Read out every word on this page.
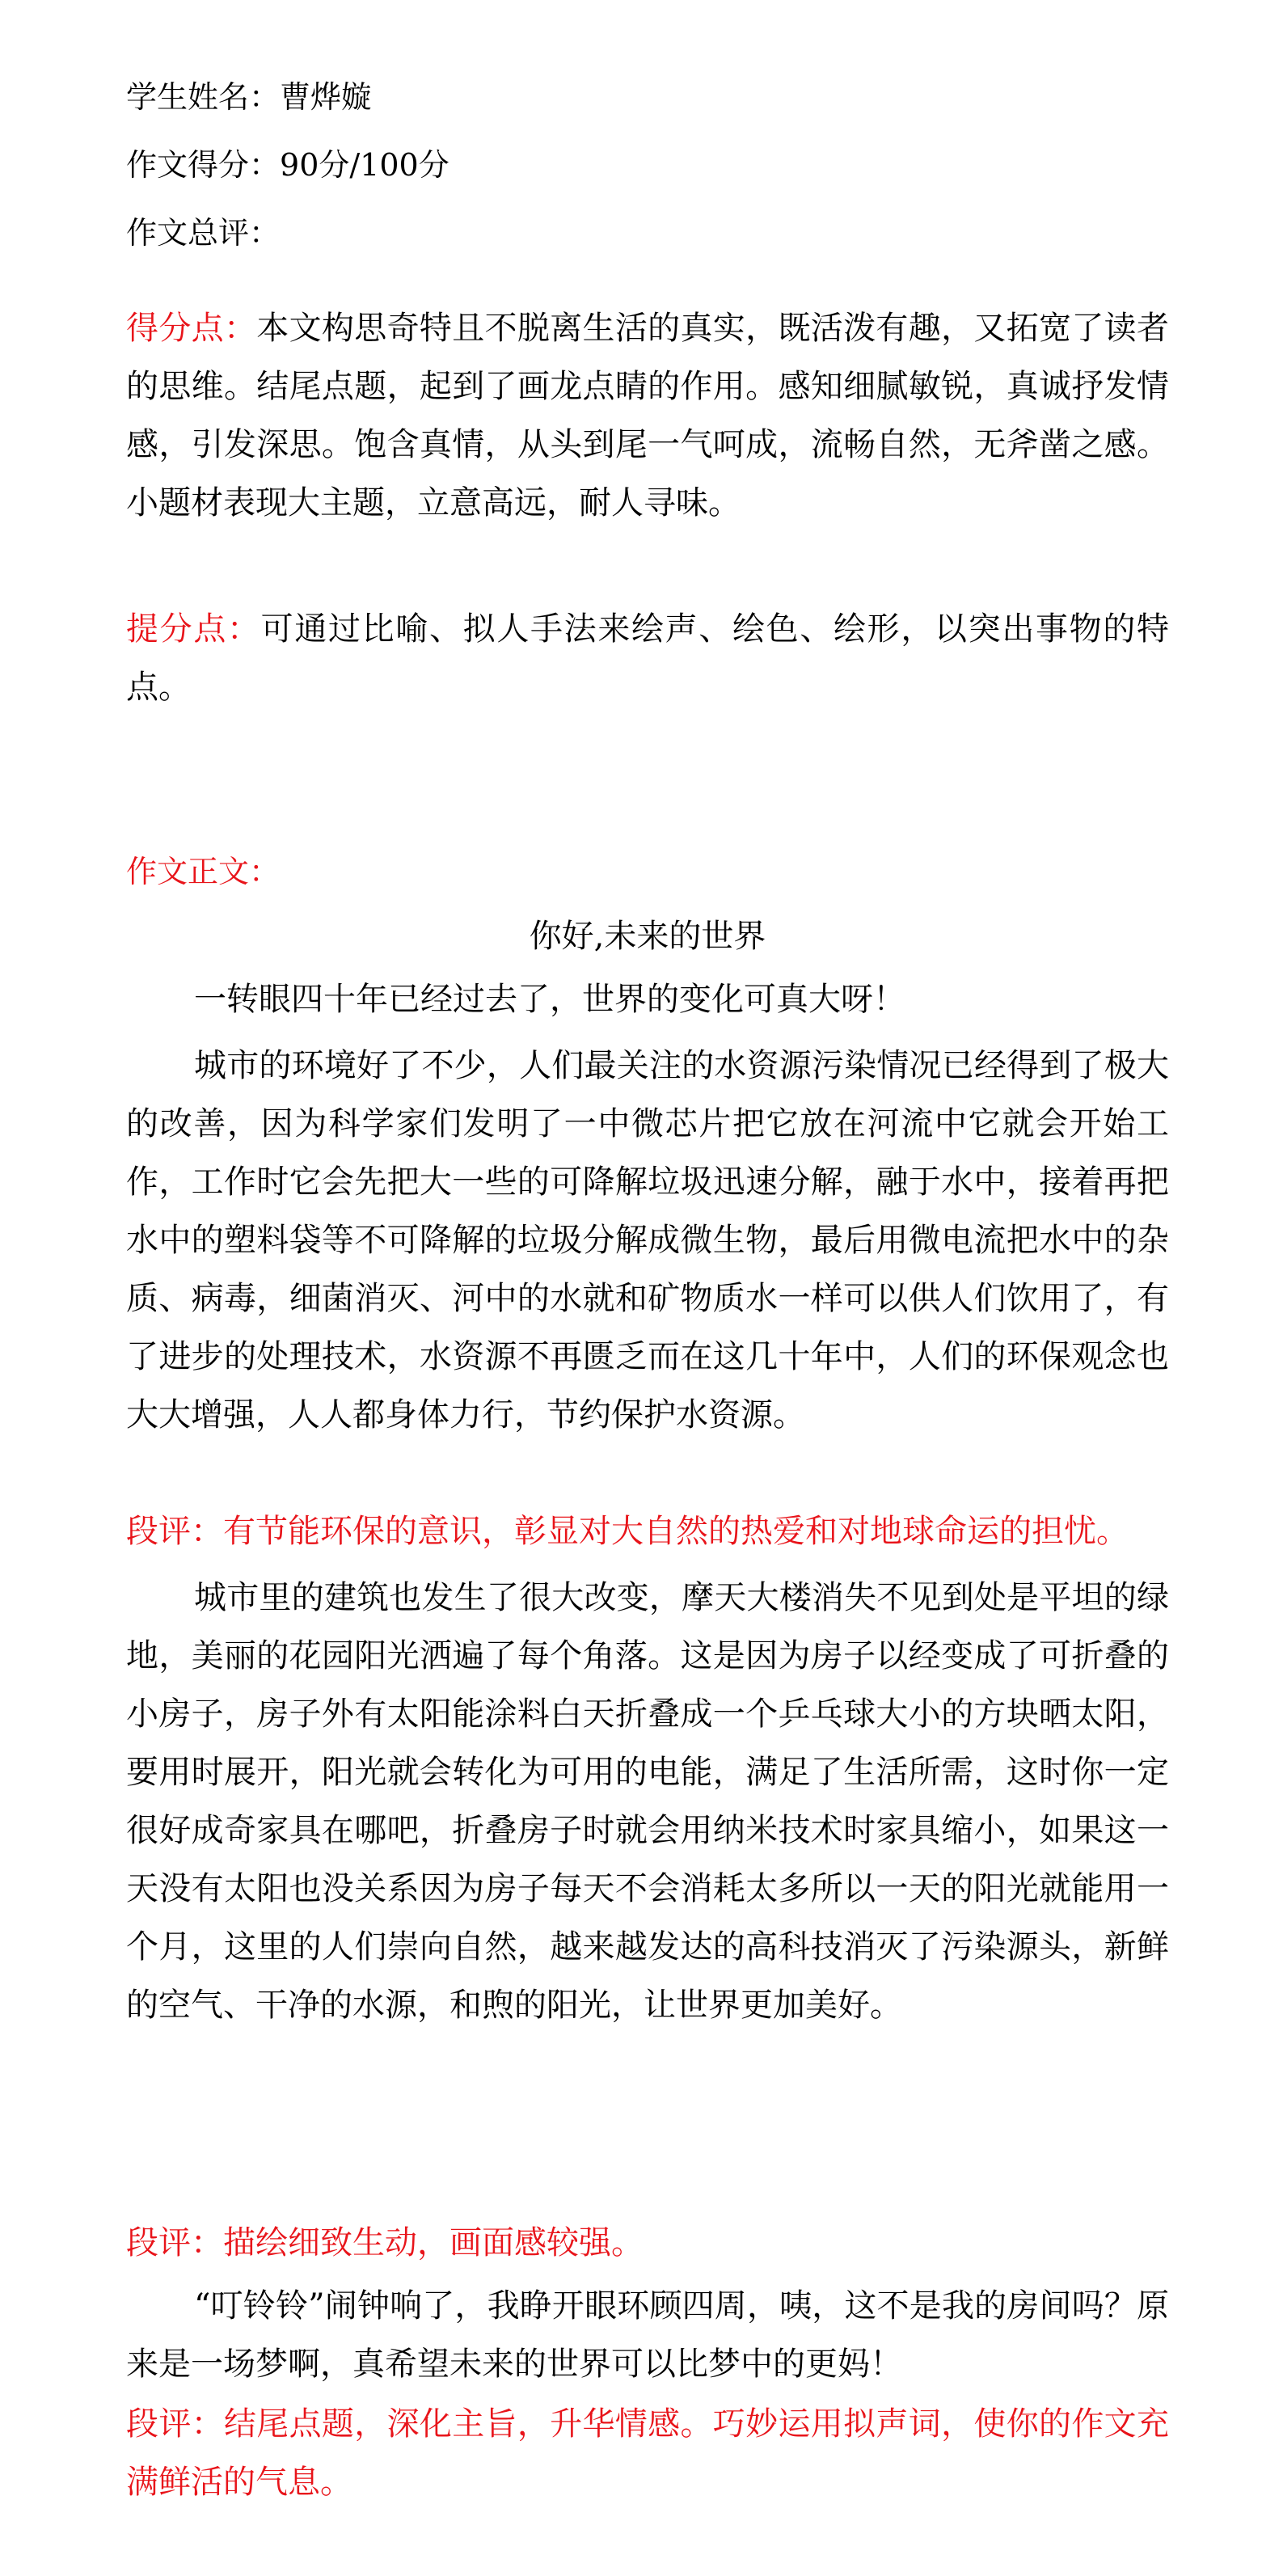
学生姓名：曹烨嫙
作文得分：90分/100分
作文总评：
得分点：本文构思奇特且不脱离生活的真实，既活泼有趣，又拓宽了读者的思维。结尾点题，起到了画龙点睛的作用。感知细腻敏锐，真诚抒发情感，引发深思。饱含真情，从头到尾一气呵成，流畅自然，无斧凿之感。小题材表现大主题，立意高远，耐人寻味。
提分点：可通过比喻、拟人手法来绘声、绘色、绘形，以突出事物的特点。
作文正文：
你好,未来的世界
一转眼四十年已经过去了，世界的变化可真大呀！
城市的环境好了不少，人们最关注的水资源污染情况已经得到了极大的改善，因为科学家们发明了一中微芯片把它放在河流中它就会开始工作，工作时它会先把大一些的可降解垃圾迅速分解，融于水中，接着再把水中的塑料袋等不可降解的垃圾分解成微生物，最后用微电流把水中的杂质、病毒，细菌消灭、河中的水就和矿物质水一样可以供人们饮用了，有了进步的处理技术，水资源不再匮乏而在这几十年中，人们的环保观念也大大增强，人人都身体力行，节约保护水资源。
段评：有节能环保的意识，彰显对大自然的热爱和对地球命运的担忧。
城市里的建筑也发生了很大改变，摩天大楼消失不见到处是平坦的绿地，美丽的花园阳光洒遍了每个角落。这是因为房子以经变成了可折叠的小房子，房子外有太阳能涂料白天折叠成一个乒乓球大小的方块晒太阳，要用时展开，阳光就会转化为可用的电能，满足了生活所需，这时你一定很好成奇家具在哪吧，折叠房子时就会用纳米技术时家具缩小，如果这一天没有太阳也没关系因为房子每天不会消耗太多所以一天的阳光就能用一个月，这里的人们崇向自然，越来越发达的高科技消灭了污染源头，新鲜的空气、干净的水源，和煦的阳光，让世界更加美好。
段评：描绘细致生动，画面感较强。
“叮铃铃”闹钟响了，我睁开眼环顾四周，咦，这不是我的房间吗？原来是一场梦啊，真希望未来的世界可以比梦中的更妈！
段评：结尾点题，深化主旨，升华情感。巧妙运用拟声词，使你的作文充满鲜活的气息。
